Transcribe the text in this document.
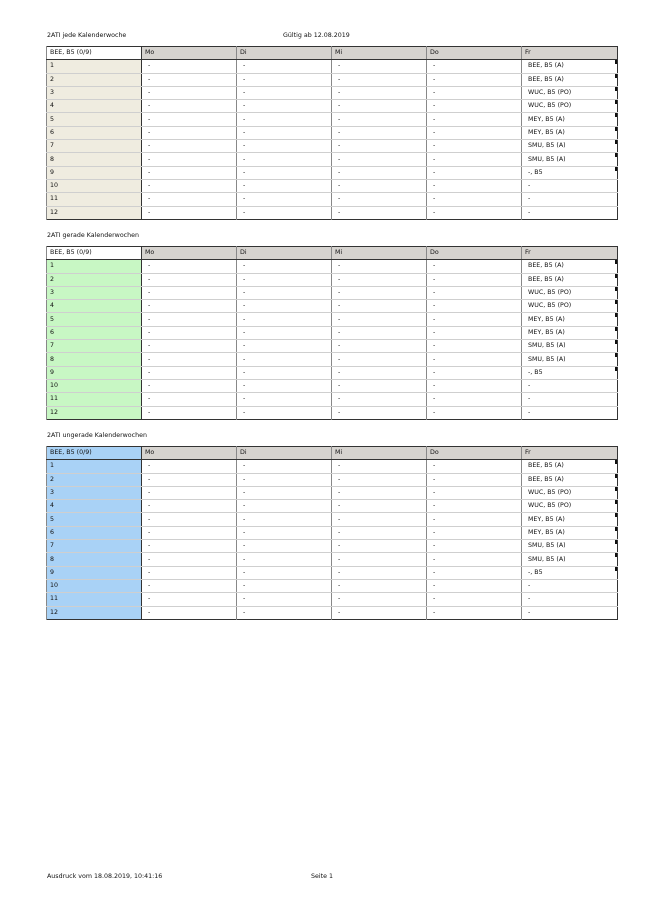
2ATI jede Kalenderwoche	Gültig ab 12.08.2019
BEE, B5 (0/9)	Mo	Di	Mi	Do	Fr
1	-	-	-	-	BEE, B5 (A)

2	-	-	-	-	BEE, B5 (A)

3	-	-	-	-	WUC, B5 (PO)

4	-	-	-	-	WUC, B5 (PO)

5	-	-	-	-	MEY, B5 (A)

6	-	-	-	-	MEY, B5 (A)

7	-	-	-	-	SMU, B5 (A)

8	-	-	-	-	SMU, B5 (A)

9	-	-	-	-	-, B5

10	-	-	-	-	-
11	-	-	-	-	-
12	-	-	-	-	-
2ATI gerade Kalenderwochen
BEE, B5 (0/9)	Mo	Di	Mi	Do	Fr
1	-	-	-	-	BEE, B5 (A)

2	-	-	-	-	BEE, B5 (A)

3	-	-	-	-	WUC, B5 (PO)

4	-	-	-	-	WUC, B5 (PO)

5	-	-	-	-	MEY, B5 (A)

6	-	-	-	-	MEY, B5 (A)

7	-	-	-	-	SMU, B5 (A)

8	-	-	-	-	SMU, B5 (A)

9	-	-	-	-	-, B5

10	-	-	-	-	-
11	-	-	-	-	-
12	-	-	-	-	-
2ATI ungerade Kalenderwochen
BEE, B5 (0/9)	Mo	Di	Mi	Do	Fr
1	-	-	-	-	BEE, B5 (A)

2	-	-	-	-	BEE, B5 (A)

3	-	-	-	-	WUC, B5 (PO)

4	-	-	-	-	WUC, B5 (PO)

5	-	-	-	-	MEY, B5 (A)

6	-	-	-	-	MEY, B5 (A)

7	-	-	-	-	SMU, B5 (A)

8	-	-	-	-	SMU, B5 (A)

9	-	-	-	-	-, B5

10	-	-	-	-	-
11	-	-	-	-	-
12	-	-	-	-	-
Ausdruck vom 18.08.2019, 10:41:16	Seite 1
